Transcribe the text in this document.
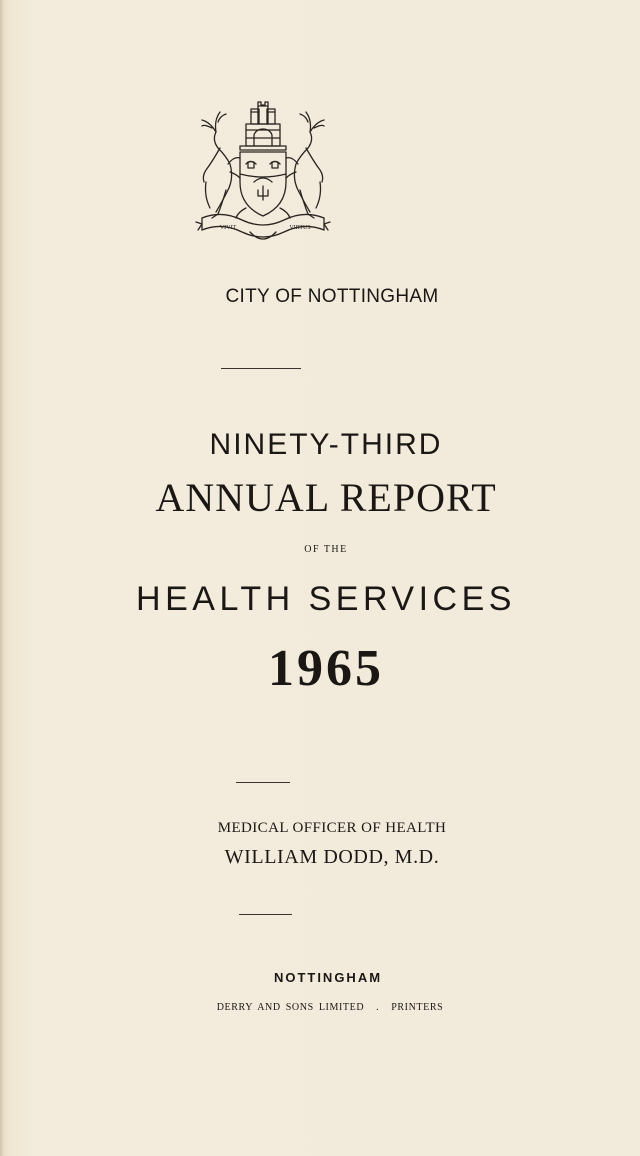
VIVIT	VIRTUS
CITY OF NOTTINGHAM
NINETY-THIRD
ANNUAL REPORT
OF THE
HEALTH SERVICES
1965
MEDICAL OFFICER OF HEALTH
WILLIAM DODD, M.D.
NOTTINGHAM
DERRY AND SONS LIMITED . PRINTERS
